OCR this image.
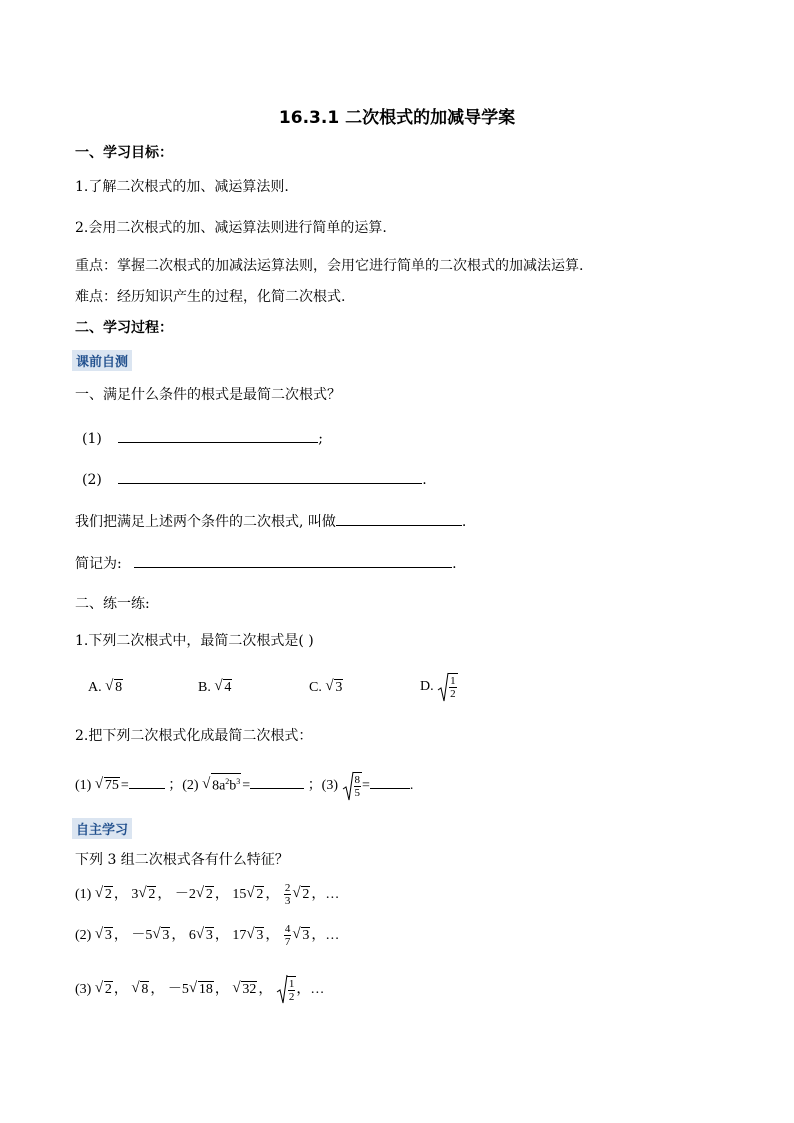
16.3.1 二次根式的加减导学案
一、学习目标：
1.了解二次根式的加、减运算法则.
2.会用二次根式的加、减运算法则进行简单的运算.
重点：掌握二次根式的加减法运算法则，会用它进行简单的二次根式的加减法运算.
难点：经历知识产生的过程，化简二次根式.
二、学习过程：
课前自测
一、满足什么条件的根式是最简二次根式？
(1)	;
(2)	.
我们把满足上述两个条件的二次根式, 叫做	.
简记为:	.
二、练一练:
1.下列二次根式中，最简二次根式是( )
A. √ 8	B. √ 4	C. √ 3	D. $\frac{1}{2}$
2.把下列二次根式化成最简二次根式：
(1) √ 75 =	；(2) √ $8a^2b^3$ =	；$(3) \frac{8}{5}$ =	.
自主学习
下列 3 组二次根式各有什么特征？
(1) √ 2 ， 3 √ 2 ， －2 √ 2 ， 15 √ 2 ， $\frac{2}{3}$ √ 2 ，…
(2) √ 3 ， －5 √ 3 ， 6 √ 3 ， 17 √ 3 ， $\frac{4}{7}$ √ 3 ，…
(3) √ 2 ， √ 8 ， －5 √ 18 ， √ 32 ， $\frac{1}{2}$ ，…
